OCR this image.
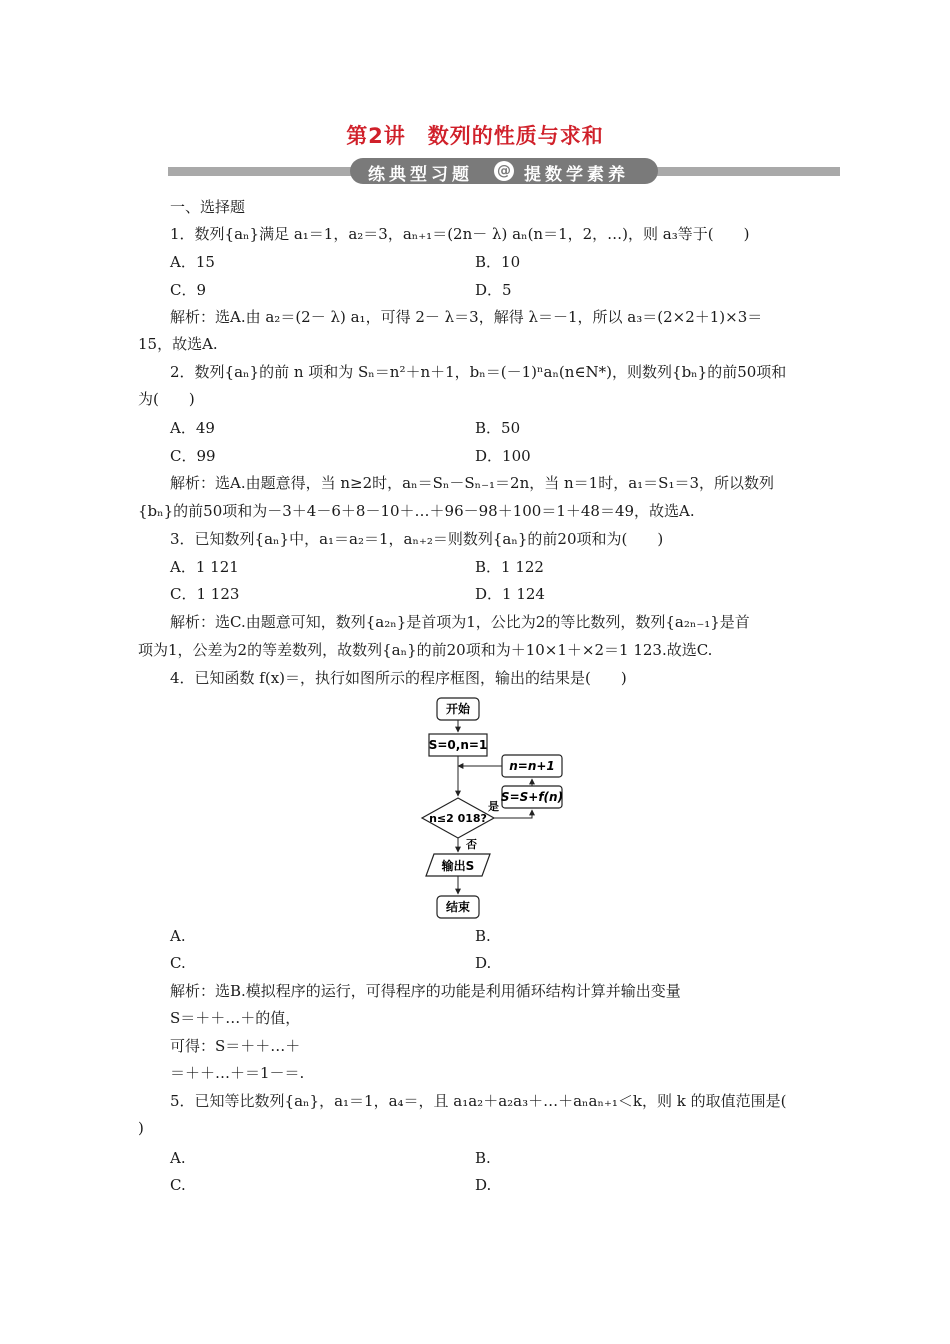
第2讲　数列的性质与求和
练典型习题	提数学素养
@
一、选择题
1．数列{aₙ}满足 a₁＝1，a₂＝3，aₙ₊₁＝(2n－ λ) aₙ(n＝1，2，…)，则 a₃等于(　　)
A．15	B．10
C．9	D．5
解析：选A.由 a₂＝(2－ λ) a₁，可得 2－ λ＝3，解得 λ＝－1，所以 a₃＝(2×2＋1)×3＝
15，故选A.
2．数列{aₙ}的前 n 项和为 Sₙ＝n²＋n＋1，bₙ＝(－1)ⁿaₙ(n∈N*)，则数列{bₙ}的前50项和
为(　　)
A．49	B．50
C．99	D．100
解析：选A.由题意得，当 n≥2时，aₙ＝Sₙ－Sₙ₋₁＝2n，当 n＝1时，a₁＝S₁＝3，所以数列
{bₙ}的前50项和为－3＋4－6＋8－10＋…＋96－98＋100＝1＋48＝49，故选A.
3．已知数列{aₙ}中，a₁＝a₂＝1，aₙ₊₂＝则数列{aₙ}的前20项和为(　　)
A．1 121	B．1 122
C．1 123	D．1 124
解析：选C.由题意可知，数列{a₂ₙ}是首项为1，公比为2的等比数列，数列{a₂ₙ₋₁}是首
项为1，公差为2的等差数列，故数列{aₙ}的前20项和为＋10×1＋×2＝1 123.故选C.
4．已知函数 f(x)＝，执行如图所示的程序框图，输出的结果是(　　)
开始
S=0,n=1
n=n+1
S=S+f(n)
n≤2 018?
是
否
输出S
结束
A.	B.
C.	D.
解析：选B.模拟程序的运行，可得程序的功能是利用循环结构计算并输出变量
S＝＋＋…＋的值，
可得：S＝＋＋…＋
＝＋＋…＋＝1－＝.
5．已知等比数列{aₙ}，a₁＝1，a₄＝，且 a₁a₂＋a₂a₃＋…＋aₙaₙ₊₁＜k，则 k 的取值范围是(
)
A.	B.
C.	D.
